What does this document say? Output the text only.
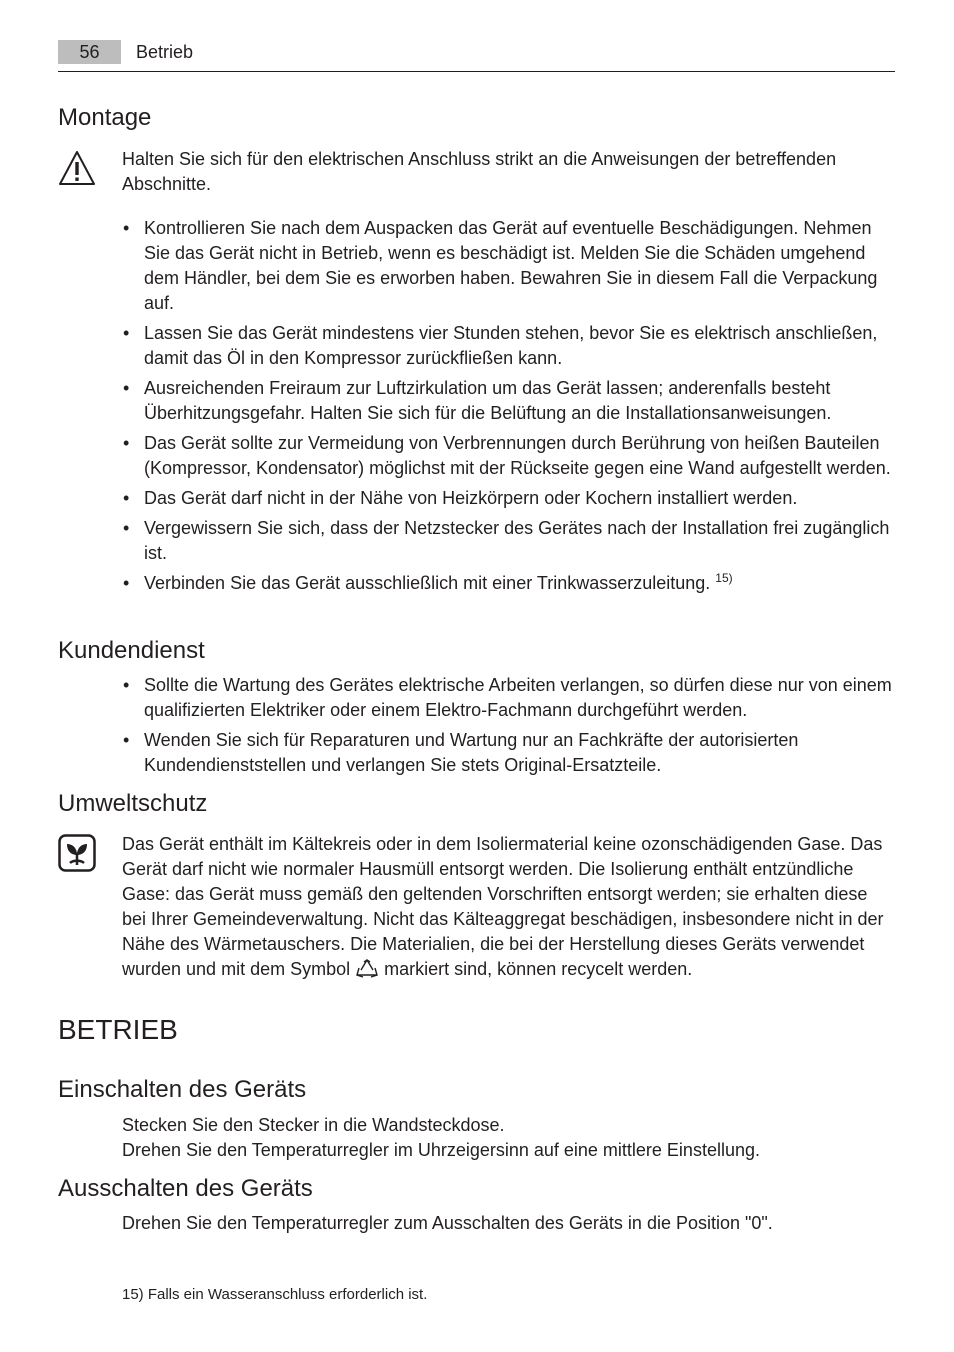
56	Betrieb
Montage

Halten Sie sich für den elektrischen Anschluss strikt an die Anweisungen der betreffenden Abschnitte.

• Kontrollieren Sie nach dem Auspacken das Gerät auf eventuelle Beschädigungen. Nehmen Sie das Gerät nicht in Betrieb, wenn es beschädigt ist. Melden Sie die Schäden umgehend dem Händler, bei dem Sie es erworben haben. Bewahren Sie in diesem Fall die Verpackung auf.
• Lassen Sie das Gerät mindestens vier Stunden stehen, bevor Sie es elektrisch anschließen, damit das Öl in den Kompressor zurückfließen kann.
• Ausreichenden Freiraum zur Luftzirkulation um das Gerät lassen; anderenfalls besteht Überhitzungsgefahr. Halten Sie sich für die Belüftung an die Installationsanweisungen.
• Das Gerät sollte zur Vermeidung von Verbrennungen durch Berührung von heißen Bauteilen (Kompressor, Kondensator) möglichst mit der Rückseite gegen eine Wand aufgestellt werden.
• Das Gerät darf nicht in der Nähe von Heizkörpern oder Kochern installiert werden.
• Vergewissern Sie sich, dass der Netzstecker des Gerätes nach der Installation frei zugänglich ist.
• Verbinden Sie das Gerät ausschließlich mit einer Trinkwasserzuleitung. $^{15)}$
Kundendienst
• Sollte die Wartung des Gerätes elektrische Arbeiten verlangen, so dürfen diese nur von einem qualifizierten Elektriker oder einem Elektro-Fachmann durchgeführt werden.
• Wenden Sie sich für Reparaturen und Wartung nur an Fachkräfte der autorisierten Kundendienststellen und verlangen Sie stets Original-Ersatzteile.
Umweltschutz

Das Gerät enthält im Kältekreis oder in dem Isoliermaterial keine ozonschädigenden Gase. Das Gerät darf nicht wie normaler Hausmüll entsorgt werden. Die Isolierung enthält entzündliche Gase: das Gerät muss gemäß den geltenden Vorschriften entsorgt werden; sie erhalten diese bei Ihrer Gemeindeverwaltung. Nicht das Kälteaggregat beschädigen, insbesondere nicht in der Nähe des Wärmetauschers. Die Materialien, die bei der Herstellung dieses Geräts verwendet wurden und mit dem Symbol markiert sind, können recycelt werden.

BETRIEB
Einschalten des Geräts

Stecken Sie den Stecker in die Wandsteckdose.

Drehen Sie den Temperaturregler im Uhrzeigersinn auf eine mittlere Einstellung.

Ausschalten des Geräts

Drehen Sie den Temperaturregler zum Ausschalten des Geräts in die Position "0".

15) Falls ein Wasseranschluss erforderlich ist.
